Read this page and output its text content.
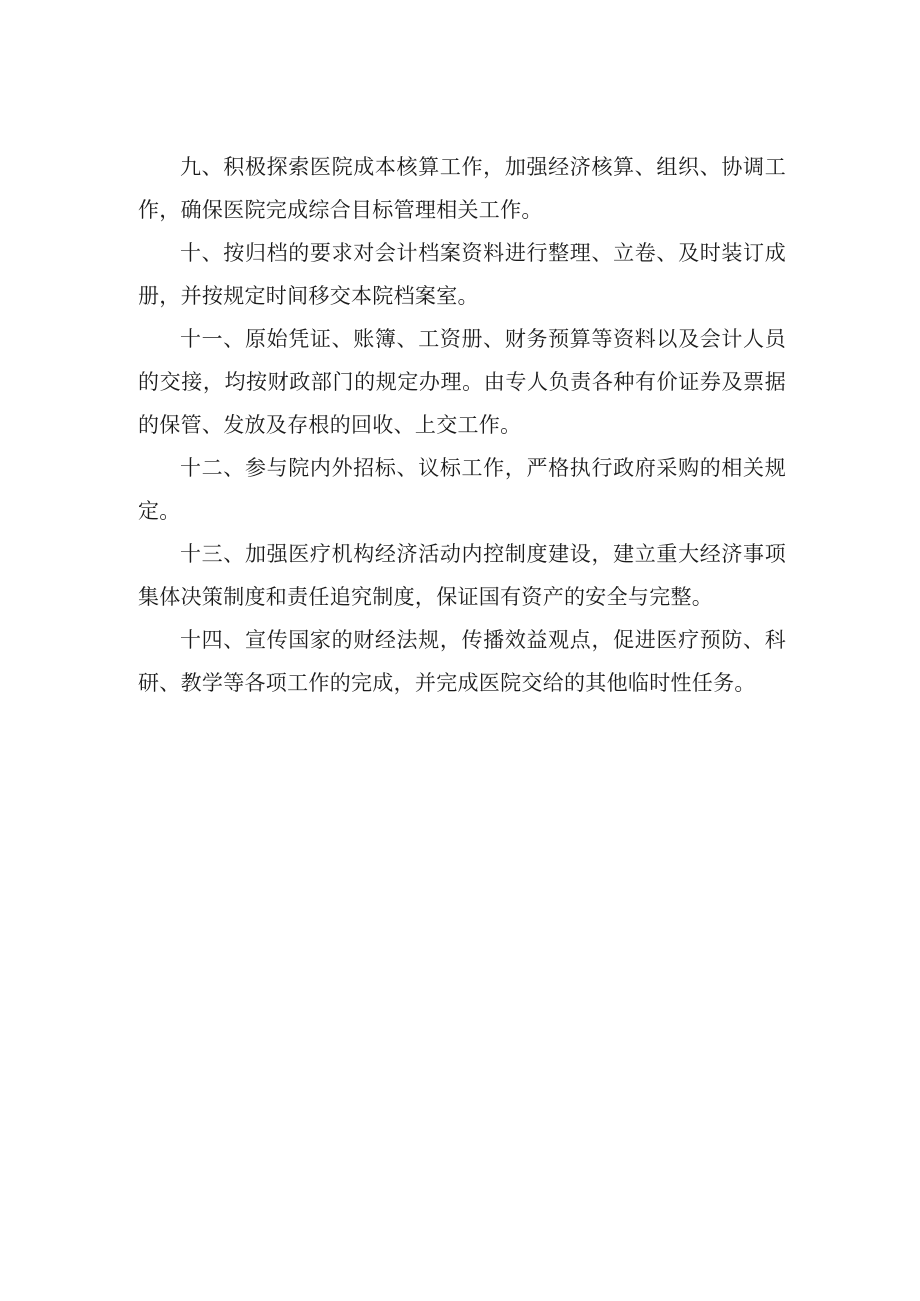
九、积极探索医院成本核算工作，加强经济核算、组织、协调工作，确保医院完成综合目标管理相关工作。

十、按归档的要求对会计档案资料进行整理、立卷、及时装订成册，并按规定时间移交本院档案室。

十一、原始凭证、账簿、工资册、财务预算等资料以及会计人员的交接，均按财政部门的规定办理。由专人负责各种有价证券及票据的保管、发放及存根的回收、上交工作。

十二、参与院内外招标、议标工作，严格执行政府采购的相关规定。

十三、加强医疗机构经济活动内控制度建设，建立重大经济事项集体决策制度和责任追究制度，保证国有资产的安全与完整。

十四、宣传国家的财经法规，传播效益观点，促进医疗预防、科研、教学等各项工作的完成，并完成医院交给的其他临时性任务。
